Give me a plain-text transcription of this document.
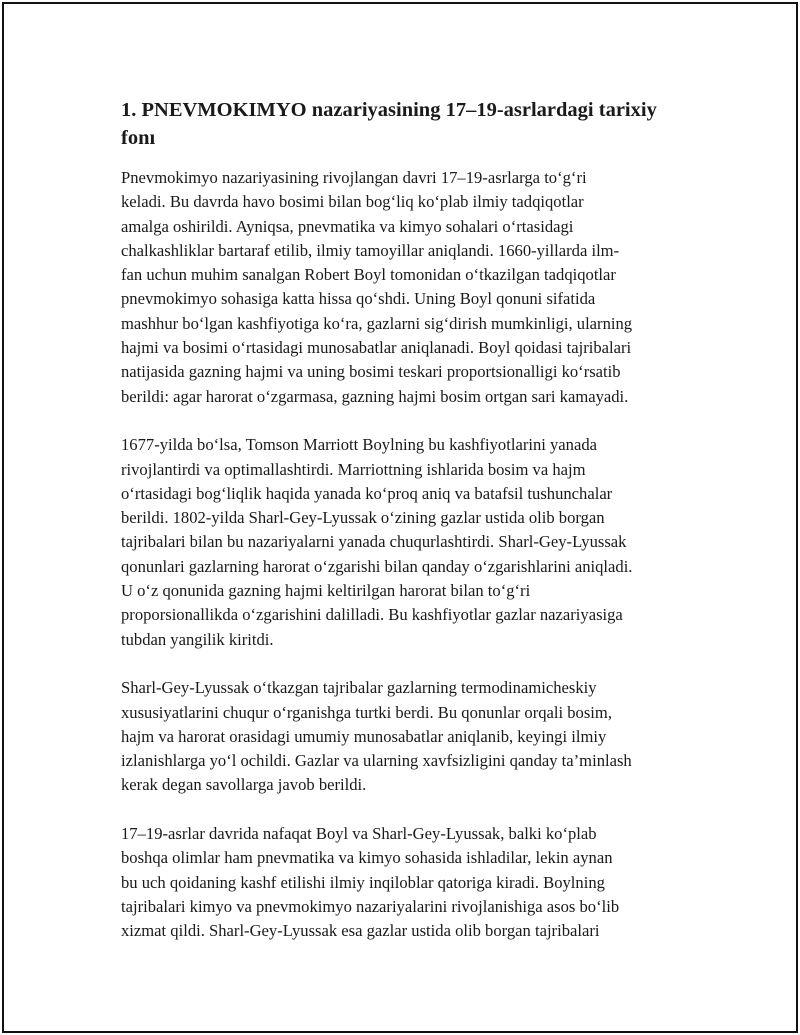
1. PNEVMOKIMYO nazariyasining 17–19-asrlardagi tarixiy
fonı

Pnevmokimyo nazariyasining rivojlangan davri 17–19-asrlarga to‘g‘ri
keladi. Bu davrda havo bosimi bilan bog‘liq ko‘plab ilmiy tadqiqotlar
amalga oshirildi. Ayniqsa, pnevmatika va kimyo sohalari o‘rtasidagi
chalkashliklar bartaraf etilib, ilmiy tamoyillar aniqlandi. 1660-yillarda ilm-
fan uchun muhim sanalgan Robert Boyl tomonidan o‘tkazilgan tadqiqotlar
pnevmokimyo sohasiga katta hissa qo‘shdi. Uning Boyl qonuni sifatida
mashhur bo‘lgan kashfiyotiga ko‘ra, gazlarni sig‘dirish mumkinligi, ularning
hajmi va bosimi o‘rtasidagi munosabatlar aniqlanadi. Boyl qoidasi tajribalari
natijasida gazning hajmi va uning bosimi teskari proportsionalligi ko‘rsatib
berildi: agar harorat o‘zgarmasa, gazning hajmi bosim ortgan sari kamayadi.

1677-yilda bo‘lsa, Tomson Marriott Boylning bu kashfiyotlarini yanada
rivojlantirdi va optimallashtirdi. Marriottning ishlarida bosim va hajm
o‘rtasidagi bog‘liqlik haqida yanada ko‘proq aniq va batafsil tushunchalar
berildi. 1802-yilda Sharl-Gey-Lyussak o‘zining gazlar ustida olib borgan
tajribalari bilan bu nazariyalarni yanada chuqurlashtirdi. Sharl-Gey-Lyussak
qonunlari gazlarning harorat o‘zgarishi bilan qanday o‘zgarishlarini aniqladi.
U o‘z qonunida gazning hajmi keltirilgan harorat bilan to‘g‘ri
proporsionallikda o‘zgarishini dalilladi. Bu kashfiyotlar gazlar nazariyasiga
tubdan yangilik kiritdi.

Sharl-Gey-Lyussak o‘tkazgan tajribalar gazlarning termodinamicheskiy
xususiyatlarini chuqur o‘rganishga turtki berdi. Bu qonunlar orqali bosim,
hajm va harorat orasidagi umumiy munosabatlar aniqlanib, keyingi ilmiy
izlanishlarga yo‘l ochildi. Gazlar va ularning xavfsizligini qanday ta’minlash
kerak degan savollarga javob berildi.

17–19-asrlar davrida nafaqat Boyl va Sharl-Gey-Lyussak, balki ko‘plab
boshqa olimlar ham pnevmatika va kimyo sohasida ishladilar, lekin aynan
bu uch qoidaning kashf etilishi ilmiy inqiloblar qatoriga kiradi. Boylning
tajribalari kimyo va pnevmokimyo nazariyalarini rivojlanishiga asos bo‘lib
xizmat qildi. Sharl-Gey-Lyussak esa gazlar ustida olib borgan tajribalari
